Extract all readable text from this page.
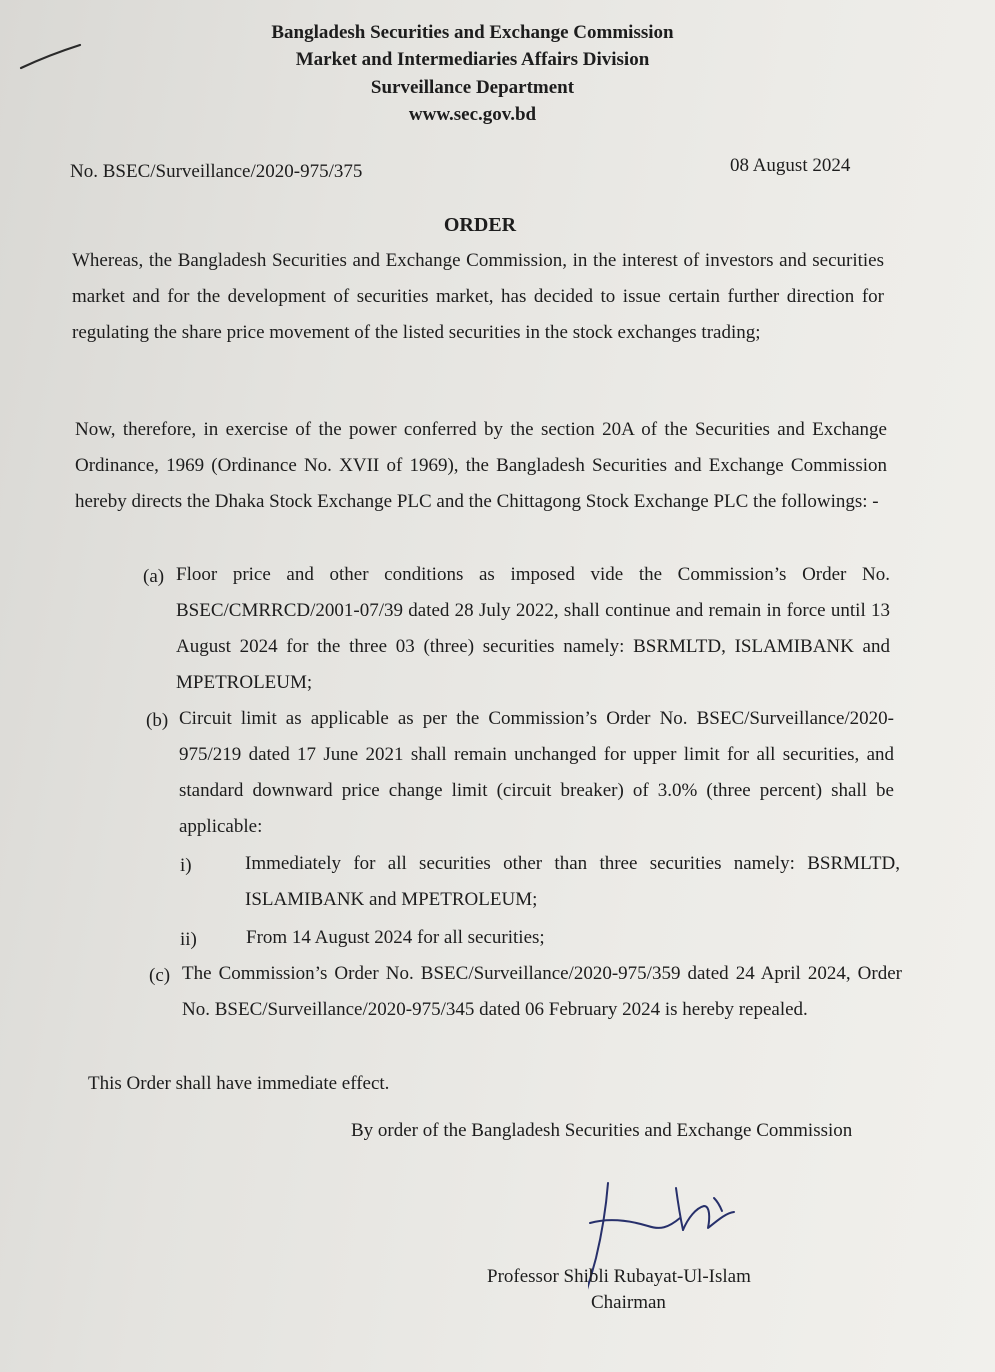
Bangladesh Securities and Exchange Commission
Market and Intermediaries Affairs Division
Surveillance Department
www.sec.gov.bd
No. BSEC/Surveillance/2020-975/375	08 August 2024
ORDER

Whereas, the Bangladesh Securities and Exchange Commission, in the interest of investors and securities market and for the development of securities market, has decided to issue certain further direction for regulating the share price movement of the listed securities in the stock exchanges trading;

Now, therefore, in exercise of the power conferred by the section 20A of the Securities and Exchange Ordinance, 1969 (Ordinance No. XVII of 1969), the Bangladesh Securities and Exchange Commission hereby directs the Dhaka Stock Exchange PLC and the Chittagong Stock Exchange PLC the followings: -

(a) Floor price and other conditions as imposed vide the Commission’s Order No. BSEC/CMRRCD/2001-07/39 dated 28 July 2022, shall continue and remain in force until 13 August 2024 for the three 03 (three) securities namely: BSRMLTD, ISLAMIBANK and MPETROLEUM;

(b) Circuit limit as applicable as per the Commission’s Order No. BSEC/Surveillance/2020-975/219 dated 17 June 2021 shall remain unchanged for upper limit for all securities, and standard downward price change limit (circuit breaker) of 3.0% (three percent) shall be applicable:

i)	Immediately for all securities other than three securities namely: BSRMLTD, ISLAMIBANK and MPETROLEUM;

ii)	From 14 August 2024 for all securities;

(c) The Commission’s Order No. BSEC/Surveillance/2020-975/359 dated 24 April 2024, Order No. BSEC/Surveillance/2020-975/345 dated 06 February 2024 is hereby repealed.

This Order shall have immediate effect.
By order of the Bangladesh Securities and Exchange Commission
Professor Shibli Rubayat-Ul-Islam
Chairman
